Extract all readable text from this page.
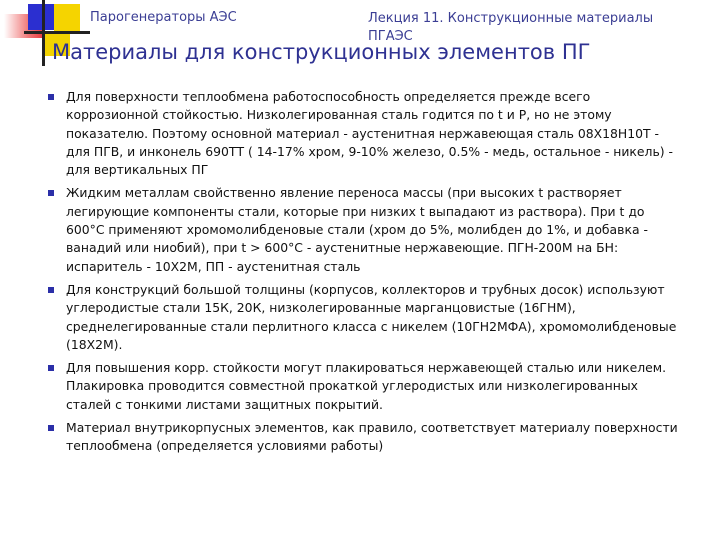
Парогенераторы АЭС	Лекция 11. Конструкционные материалы ПГАЭС
Материалы для конструкционных элементов ПГ
Для поверхности теплообмена работоспособность определяется прежде всего коррозионной стойкостью. Низколегированная сталь годится по t и P, но не этому показателю. Поэтому основной материал - аустенитная нержавеющая сталь 08Х18Н10Т - для ПГВ, и инконель 690ТТ ( 14-17% хром, 9-10% железо, 0.5% - медь, остальное - никель) - для вертикальных ПГ
Жидким металлам свойственно явление переноса массы (при высоких t растворяет легирующие компоненты стали, которые при низких t выпадают из раствора). При t до 600°С применяют хромомолибденовые стали (хром до 5%, молибден до 1%, и добавка - ванадий или ниобий), при t > 600°С - аустенитные нержавеющие. ПГН-200М на БН: испаритель - 10Х2М, ПП - аустенитная сталь
Для конструкций большой толщины (корпусов, коллекторов и трубных досок) используют углеродистые стали 15К, 20К, низколегированные марганцовистые (16ГНМ), среднелегированные стали перлитного класса с никелем (10ГН2МФА), хромомолибденовые (18Х2М).
Для повышения корр. стойкости могут плакироваться нержавеющей сталью или никелем. Плакировка проводится совместной прокаткой углеродистых или низколегированных сталей с тонкими листами защитных покрытий.
Материал внутрикорпусных элементов, как правило, соответствует материалу поверхности теплообмена (определяется условиями работы)
